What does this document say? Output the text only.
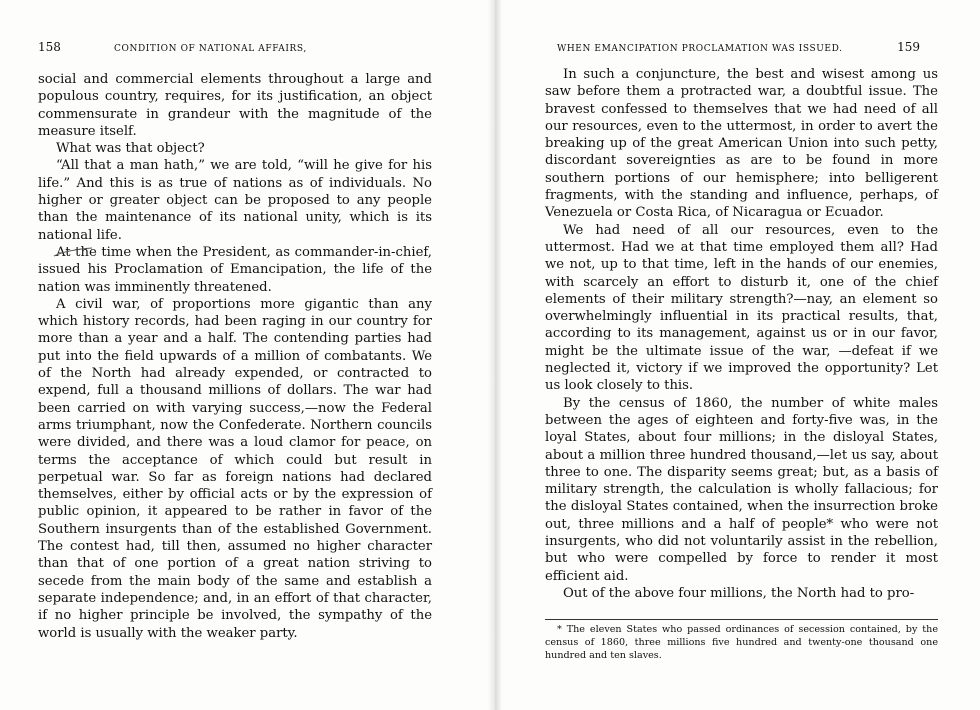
158	CONDITION OF NATIONAL AFFAIRS,

social and commercial elements throughout a large and populous country, requires, for its justification, an object commensurate in grandeur with the magnitude of the measure itself.

What was that object?

“All that a man hath,” we are told, “will he give for his life.” And this is as true of nations as of individuals. No higher or greater object can be proposed to any people than the maintenance of its national unity, which is its national life.

At the time when the President, as commander-in-chief, issued his Proclamation of Emancipation, the life of the nation was imminently threatened.

A civil war, of proportions more gigantic than any which history records, had been raging in our country for more than a year and a half. The contending parties had put into the field upwards of a million of combatants. We of the North had already expended, or contracted to expend, full a thousand millions of dollars. The war had been carried on with varying success,—now the Federal arms triumphant, now the Confederate. Northern councils were divided, and there was a loud clamor for peace, on terms the acceptance of which could but result in perpetual war. So far as foreign nations had declared themselves, either by official acts or by the expression of public opinion, it appeared to be rather in favor of the Southern insurgents than of the established Government. The contest had, till then, assumed no higher character than that of one portion of a great nation striving to secede from the main body of the same and establish a separate independence; and, in an effort of that character, if no higher principle be involved, the sympathy of the world is usually with the weaker party.

WHEN EMANCIPATION PROCLAMATION WAS ISSUED.	159

In such a conjuncture, the best and wisest among us saw before them a protracted war, a doubtful issue. The bravest confessed to themselves that we had need of all our resources, even to the uttermost, in order to avert the breaking up of the great American Union into such petty, discordant sovereignties as are to be found in more southern portions of our hemisphere; into belligerent fragments, with the standing and influence, perhaps, of Venezuela or Costa Rica, of Nicaragua or Ecuador.

We had need of all our resources, even to the uttermost. Had we at that time employed them all? Had we not, up to that time, left in the hands of our enemies, with scarcely an effort to disturb it, one of the chief elements of their military strength?—nay, an element so overwhelmingly influential in its practical results, that, according to its management, against us or in our favor, might be the ultimate issue of the war, —defeat if we neglected it, victory if we improved the opportunity? Let us look closely to this.

By the census of 1860, the number of white males between the ages of eighteen and forty-five was, in the loyal States, about four millions; in the disloyal States, about a million three hundred thousand,—let us say, about three to one. The disparity seems great; but, as a basis of military strength, the calculation is wholly fallacious; for the disloyal States contained, when the insurrection broke out, three millions and a half of people* who were not insurgents, who did not voluntarily assist in the rebellion, but who were compelled by force to render it most efficient aid.

Out of the above four millions, the North had to pro-

* The eleven States who passed ordinances of secession contained, by the census of 1860, three millions five hundred and twenty-one thousand one hundred and ten slaves.
